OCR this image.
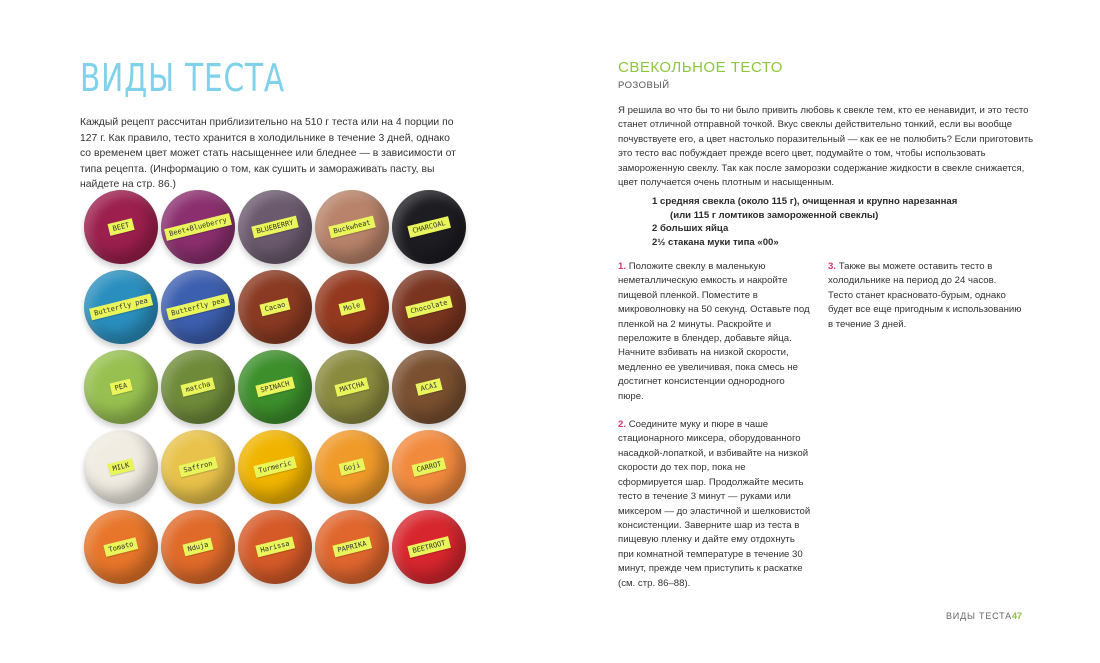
ВИДЫ ТЕСТА
Каждый рецепт рассчитан приблизительно на 510 г теста или на 4 порции по 127 г. Как правило, тесто хранится в холодильнике в течение 3 дней, однако со временем цвет может стать насыщеннее или бледнее — в зависимости от типа рецепта. (Информацию о том, как сушить и замораживать пасту, вы найдете на стр. 86.)
BEET	Beet+Blueberry	BLUEBERRY	Buckwheat	CHARCOAL
Butterfly pea	Butterfly pea	Cacao	Mole	Chocolate
PEA	matcha	SPINACH	MATCHA	ACAI
MILK	Saffron	Turmeric	Goji	CARROT
Tomato	Nduja	Harissa	PAPRIKA	BEETROOT
СВЕКОЛЬНОЕ ТЕСТО
РОЗОВЫЙ
Я решила во что бы то ни было привить любовь к свекле тем, кто ее ненавидит, и это тесто станет отличной отправной точкой. Вкус свеклы действительно тонкий, если вы вообще почувствуете его, а цвет настолько поразительный — как ее не полюбить? Если приготовить это тесто вас побуждает прежде всего цвет, подумайте о том, чтобы использовать замороженную свеклу. Так как после заморозки содержание жидкости в свекле снижается, цвет получается очень плотным и насыщенным.
1 средняя свекла (около 115 г), очищенная и крупно нарезанная
(или 115 г ломтиков замороженной свеклы)
2 больших яйца
2½ стакана муки типа «00»

1. Положите свеклу в маленькую неметаллическую емкость и накройте пищевой пленкой. Поместите в микроволновку на 50 секунд. Оставьте под пленкой на 2 минуты. Раскройте и переложите в блендер, добавьте яйца. Начните взбивать на низкой скорости, медленно ее увеличивая, пока смесь не достигнет консистенции однородного пюре.

2. Соедините муку и пюре в чаше стационарного миксера, оборудованного насадкой-лопаткой, и взбивайте на низкой скорости до тех пор, пока не сформируется шар. Продолжайте месить тесто в течение 3 минут — руками или миксером — до эластичной и шелковистой консистенции. Заверните шар из теста в пищевую пленку и дайте ему отдохнуть при комнатной температуре в течение 30 минут, прежде чем приступить к раскатке (см. стр. 86–88).

3. Также вы можете оставить тесто в холодильнике на период до 24 часов. Тесто станет красновато-бурым, однако будет все еще пригодным к использованию в течение 3 дней.

ВИДЫ ТЕСТА 47
